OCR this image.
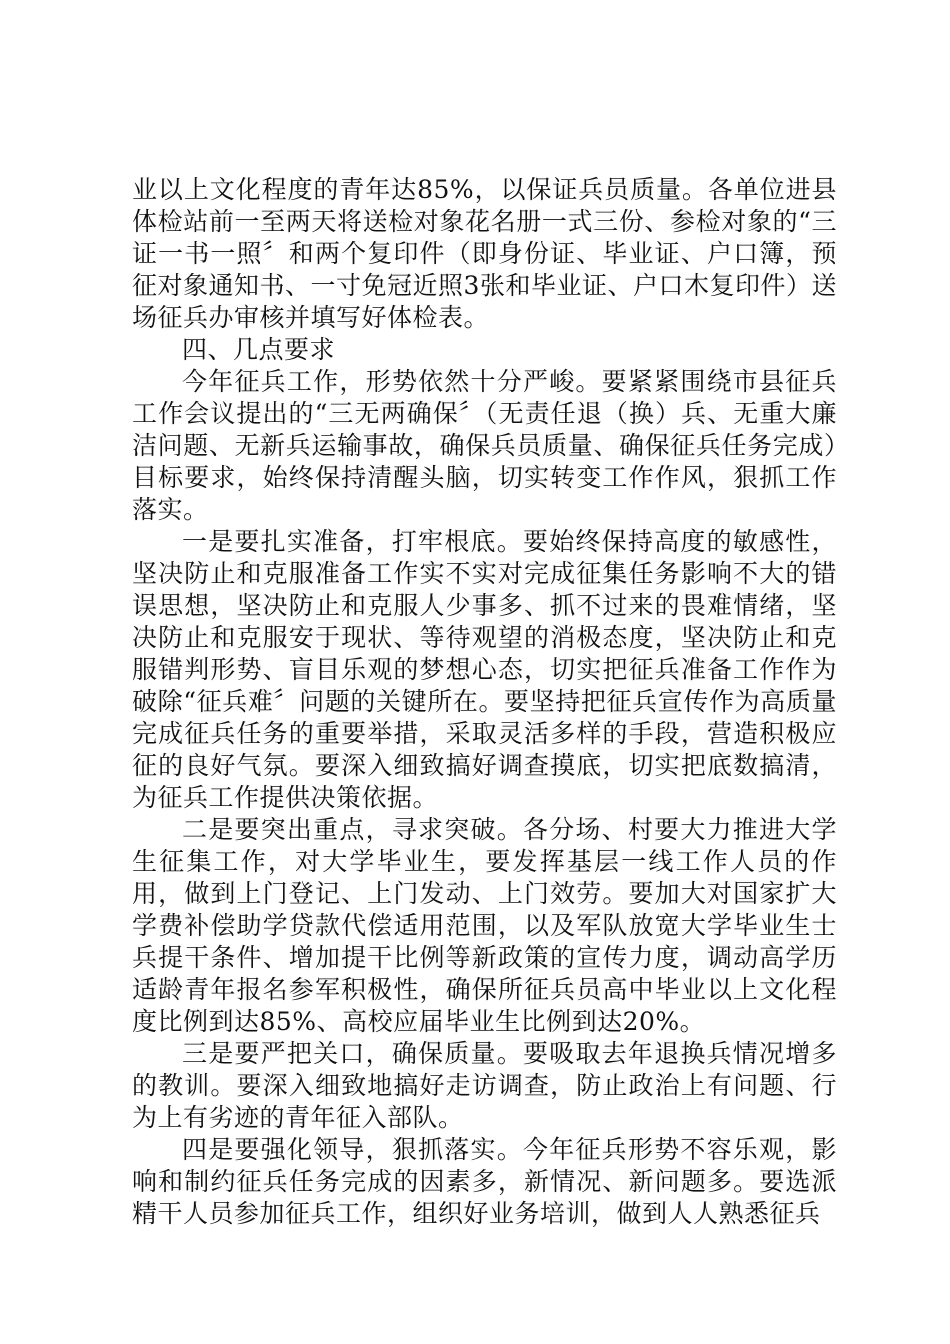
业以上文化程度的青年达85%，以保证兵员质量。各单位进县体检站前一至两天将送检对象花名册一式三份、参检对象的“三证一书一照〞和两个复印件（即身份证、毕业证、户口簿，预征对象通知书、一寸免冠近照3张和毕业证、户口木复印件）送场征兵办审核并填写好体检表。

四、几点要求

今年征兵工作，形势依然十分严峻。要紧紧围绕市县征兵工作会议提出的“三无两确保〞（无责任退（换）兵、无重大廉洁问题、无新兵运输事故，确保兵员质量、确保征兵任务完成）目标要求，始终保持清醒头脑，切实转变工作作风，狠抓工作落实。

一是要扎实准备，打牢根底。要始终保持高度的敏感性，坚决防止和克服准备工作实不实对完成征集任务影响不大的错误思想，坚决防止和克服人少事多、抓不过来的畏难情绪，坚决防止和克服安于现状、等待观望的消极态度，坚决防止和克服错判形势、盲目乐观的梦想心态，切实把征兵准备工作作为破除“征兵难〞问题的关键所在。要坚持把征兵宣传作为高质量完成征兵任务的重要举措，采取灵活多样的手段，营造积极应征的良好气氛。要深入细致搞好调查摸底，切实把底数搞清，为征兵工作提供决策依据。

二是要突出重点，寻求突破。各分场、村要大力推进大学生征集工作，对大学毕业生，要发挥基层一线工作人员的作用，做到上门登记、上门发动、上门效劳。要加大对国家扩大学费补偿助学贷款代偿适用范围，以及军队放宽大学毕业生士兵提干条件、增加提干比例等新政策的宣传力度，调动高学历适龄青年报名参军积极性，确保所征兵员高中毕业以上文化程度比例到达85%、高校应届毕业生比例到达20%。

三是要严把关口，确保质量。要吸取去年退换兵情况增多的教训。要深入细致地搞好走访调查，防止政治上有问题、行为上有劣迹的青年征入部队。

四是要强化领导，狠抓落实。今年征兵形势不容乐观，影响和制约征兵任务完成的因素多，新情况、新问题多。要选派精干人员参加征兵工作，组织好业务培训，做到人人熟悉征兵
